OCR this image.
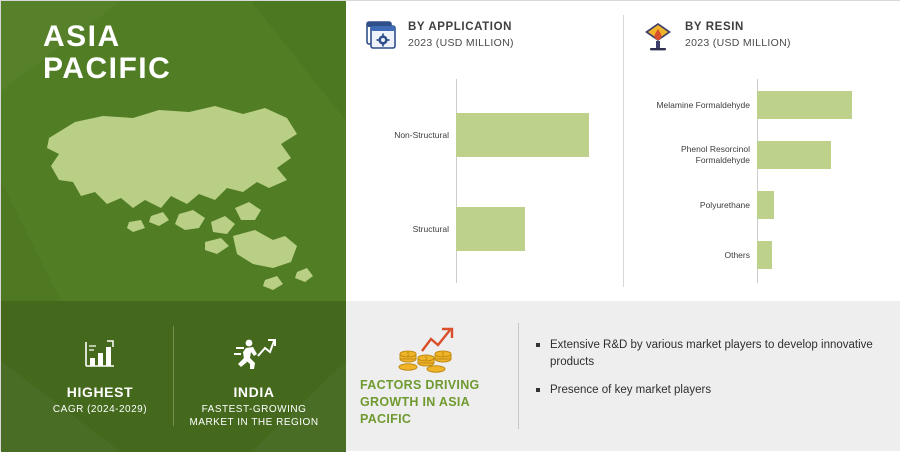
ASIA
PACIFIC
HIGHEST
CAGR (2024-2029)
INDIA
FASTEST-GROWING MARKET IN THE REGION
BY APPLICATION
2023 (USD MILLION)
Non-Structural
Structural
BY RESIN
2023 (USD MILLION)
Melamine Formaldehyde
Phenol Resorcinol Formaldehyde
Polyurethane
Others
$
$
$
FACTORS DRIVING GROWTH IN ASIA PACIFIC
Extensive R&D by various market players to develop innovative products
Presence of key market players
